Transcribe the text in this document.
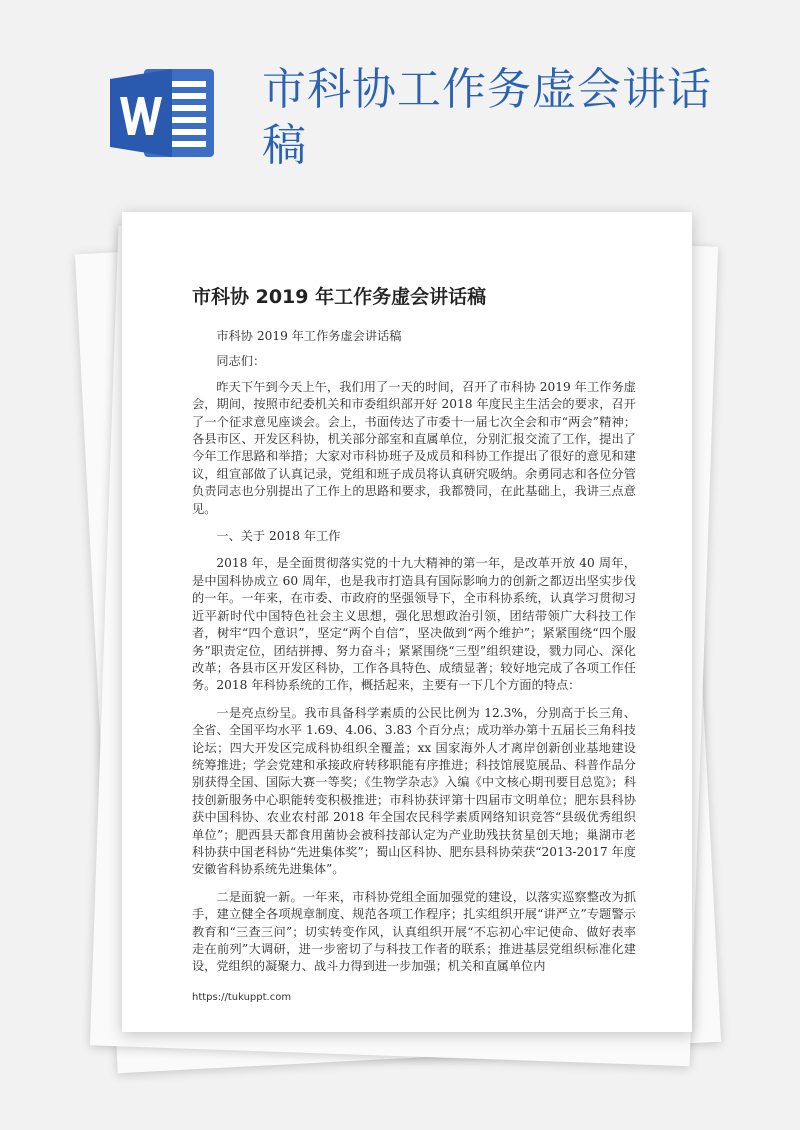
市科协工作务虚会讲话稿
市科协 2019 年工作务虚会讲话稿

市科协 2019 年工作务虚会讲话稿

同志们：

昨天下午到今天上午，我们用了一天的时间，召开了市科协 2019 年工作务虚会，期间，按照市纪委机关和市委组织部开好 2018 年度民主生活会的要求，召开了一个征求意见座谈会。会上，书面传达了市委十一届七次全会和市“两会”精神；各县市区、开发区科协，机关部分部室和直属单位，分别汇报交流了工作，提出了今年工作思路和举措；大家对市科协班子及成员和科协工作提出了很好的意见和建议，组宣部做了认真记录，党组和班子成员将认真研究吸纳。余勇同志和各位分管负责同志也分别提出了工作上的思路和要求，我都赞同，在此基础上，我讲三点意见。

一、关于 2018 年工作

2018 年，是全面贯彻落实党的十九大精神的第一年，是改革开放 40 周年，是中国科协成立 60 周年，也是我市打造具有国际影响力的创新之都迈出坚实步伐的一年。一年来，在市委、市政府的坚强领导下，全市科协系统，认真学习贯彻习近平新时代中国特色社会主义思想，强化思想政治引领，团结带领广大科技工作者，树牢“四个意识”，坚定“两个自信”，坚决做到“两个维护”；紧紧围绕“四个服务”职责定位，团结拼搏、努力奋斗；紧紧围绕“三型”组织建设，戮力同心、深化改革；各县市区开发区科协，工作各具特色、成绩显著；较好地完成了各项工作任务。2018 年科协系统的工作，概括起来，主要有一下几个方面的特点：

一是亮点纷呈。我市具备科学素质的公民比例为 12.3%，分别高于长三角、全省、全国平均水平 1.69、4.06、3.83 个百分点；成功举办第十五届长三角科技论坛；四大开发区完成科协组织全覆盖；xx 国家海外人才离岸创新创业基地建设统筹推进；学会党建和承接政府转移职能有序推进；科技馆展览展品、科普作品分别获得全国、国际大赛一等奖；《生物学杂志》入编《中文核心期刊要目总览》；科技创新服务中心职能转变积极推进；市科协获评第十四届市文明单位；肥东县科协获中国科协、农业农村部 2018 年全国农民科学素质网络知识竞答“县级优秀组织单位”；肥西县天都食用菌协会被科技部认定为产业助残扶贫星创天地；巢湖市老科协获中国老科协“先进集体奖”；蜀山区科协、肥东县科协荣获“2013-2017 年度安徽省科协系统先进集体”。

二是面貌一新。一年来，市科协党组全面加强党的建设，以落实巡察整改为抓手，建立健全各项规章制度、规范各项工作程序；扎实组织开展“讲严立”专题警示教育和“三查三问”；切实转变作风，认真组织开展“不忘初心牢记使命、做好表率走在前列”大调研，进一步密切了与科技工作者的联系；推进基层党组织标准化建设，党组织的凝聚力、战斗力得到进一步加强；机关和直属单位内

https://tukuppt.com
